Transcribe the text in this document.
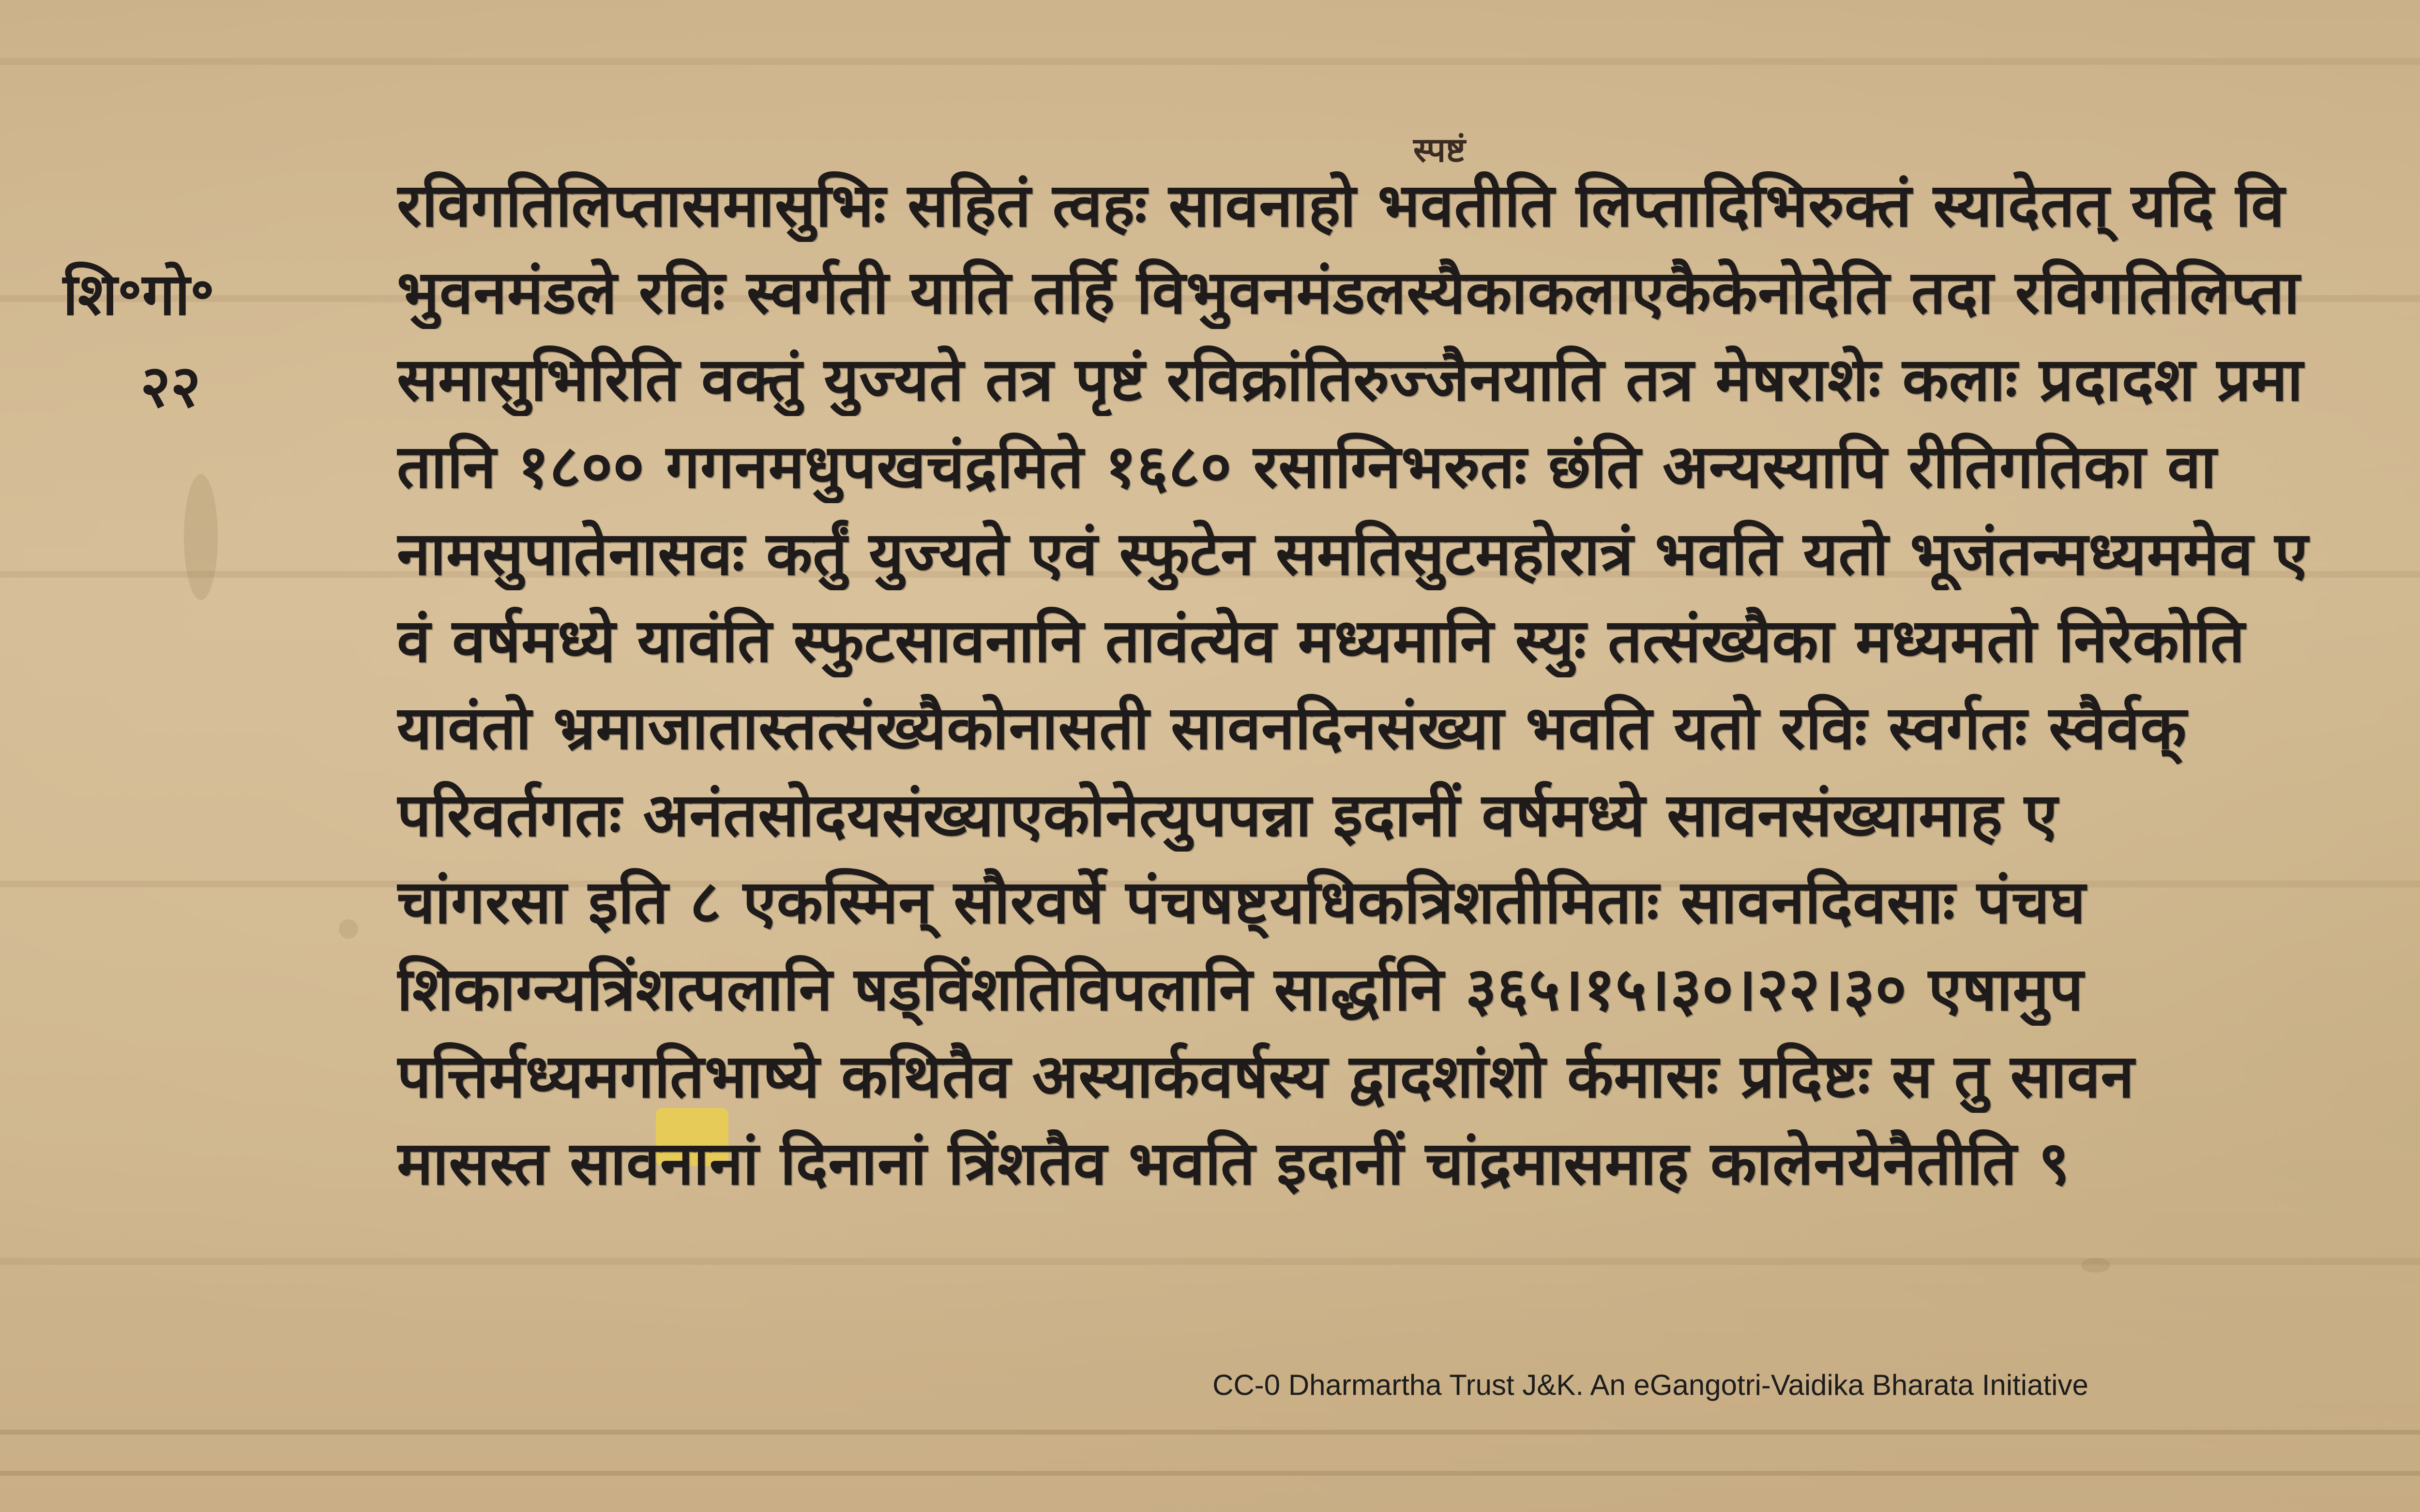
स्पष्टं
शि॰गो॰
२२
रविगतिलिप्तासमासुभिः सहितं त्वहः सावनाहो भवतीति लिप्तादिभिरुक्तं स्यादेतत् यदि वि
भुवनमंडले रविः स्वर्गती याति तर्हि विभुवनमंडलस्यैकाकलाएकैकेनोदेति तदा रविगतिलिप्ता
समासुभिरिति वक्तुं युज्यते तत्र पृष्टं रविक्रांतिरुज्जैनयाति तत्र मेषराशेः कलाः प्रदादश प्रमा
तानि १८०० गगनमधुपखचंद्रमिते १६८० रसाग्निभरुतः छंति अन्यस्यापि रीतिगतिका वा
नामसुपातेनासवः कर्तुं युज्यते एवं स्फुटेन समतिसुटमहोरात्रं भवति यतो भूजंतन्मध्यममेव ए
वं वर्षमध्ये यावंति स्फुटसावनानि तावंत्येव मध्यमानि स्युः तत्संख्यैका मध्यमतो निरेकोति
यावंतो भ्रमाजातास्तत्संख्यैकोनासती सावनदिनसंख्या भवति यतो रविः स्वर्गतः स्वैर्वक्
परिवर्तगतः अनंतसोदयसंख्याएकोनेत्युपपन्ना इदानीं वर्षमध्ये सावनसंख्यामाह ए
चांगरसा इति ८ एकस्मिन् सौरवर्षे पंचषष्ट्यधिकत्रिशतीमिताः सावनदिवसाः पंचघ
शिकाग्न्यत्रिंशत्पलानि षड्विंशतिविपलानि सार्द्धानि ३६५।१५।३०।२२।३० एषामुप
पत्तिर्मध्यमगतिभाष्ये कथितैव अस्यार्कवर्षस्य द्वादशांशो र्कमासः प्रदिष्टः स तु सावन
मासस्त सावनानां दिनानां त्रिंशतैव भवति इदानीं चांद्रमासमाह कालेनयेनैतीति ९
CC-0 Dharmartha Trust J&K. An eGangotri-Vaidika Bharata Initiative
